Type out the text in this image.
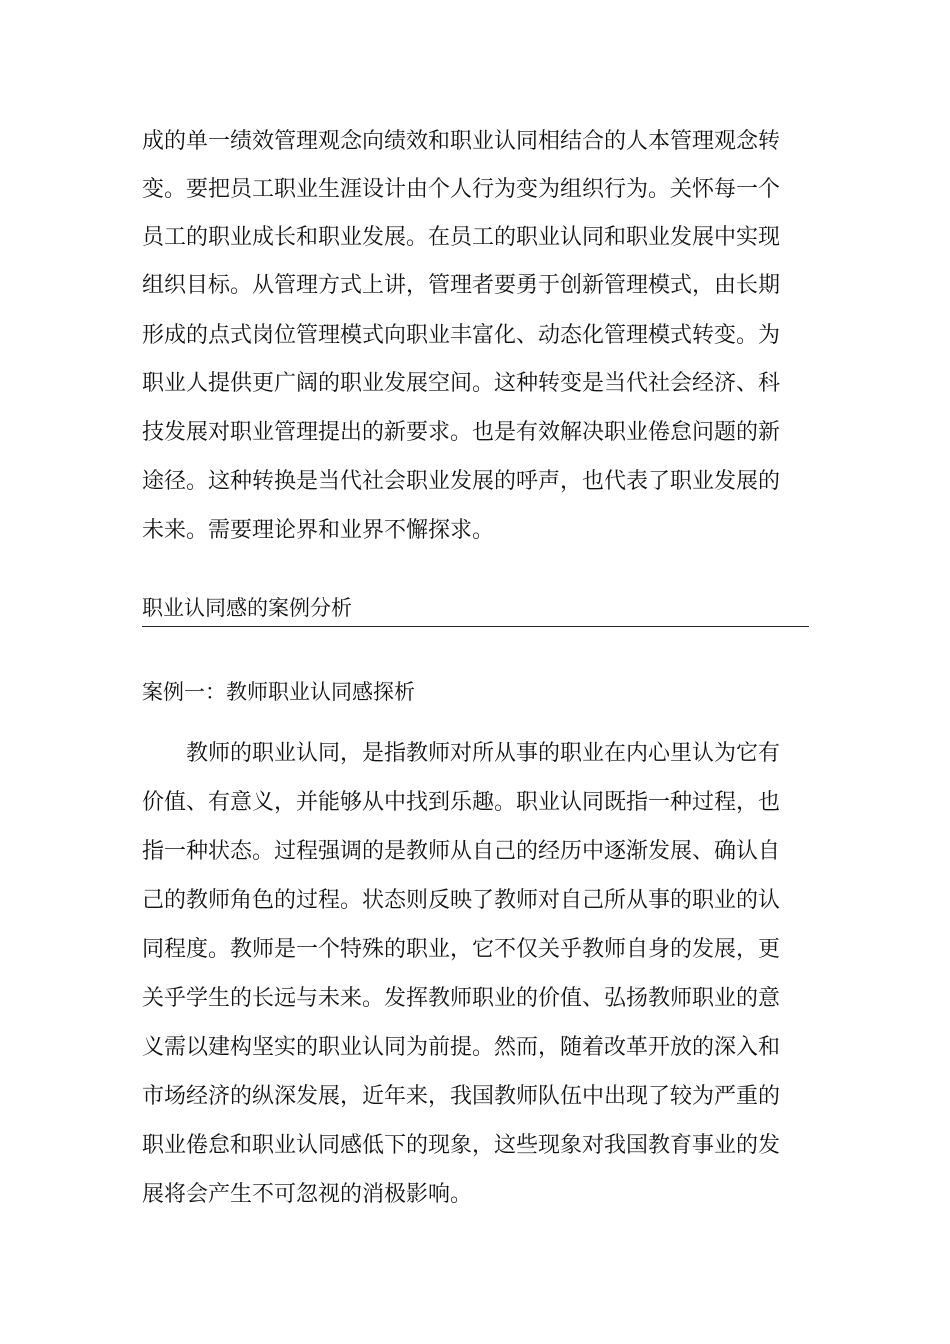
成的单一绩效管理观念向绩效和职业认同相结合的人本管理观念转
变。要把员工职业生涯设计由个人行为变为组织行为。关怀每一个
员工的职业成长和职业发展。在员工的职业认同和职业发展中实现
组织目标。从管理方式上讲，管理者要勇于创新管理模式，由长期
形成的点式岗位管理模式向职业丰富化、动态化管理模式转变。为
职业人提供更广阔的职业发展空间。这种转变是当代社会经济、科
技发展对职业管理提出的新要求。也是有效解决职业倦怠问题的新
途径。这种转换是当代社会职业发展的呼声，也代表了职业发展的
未来。需要理论界和业界不懈探求。
职业认同感的案例分析
案例一：教师职业认同感探析
教师的职业认同，是指教师对所从事的职业在内心里认为它有
价值、有意义，并能够从中找到乐趣。职业认同既指一种过程，也
指一种状态。过程强调的是教师从自己的经历中逐渐发展、确认自
己的教师角色的过程。状态则反映了教师对自己所从事的职业的认
同程度。教师是一个特殊的职业，它不仅关乎教师自身的发展，更
关乎学生的长远与未来。发挥教师职业的价值、弘扬教师职业的意
义需以建构坚实的职业认同为前提。然而，随着改革开放的深入和
市场经济的纵深发展，近年来，我国教师队伍中出现了较为严重的
职业倦怠和职业认同感低下的现象，这些现象对我国教育事业的发
展将会产生不可忽视的消极影响。
